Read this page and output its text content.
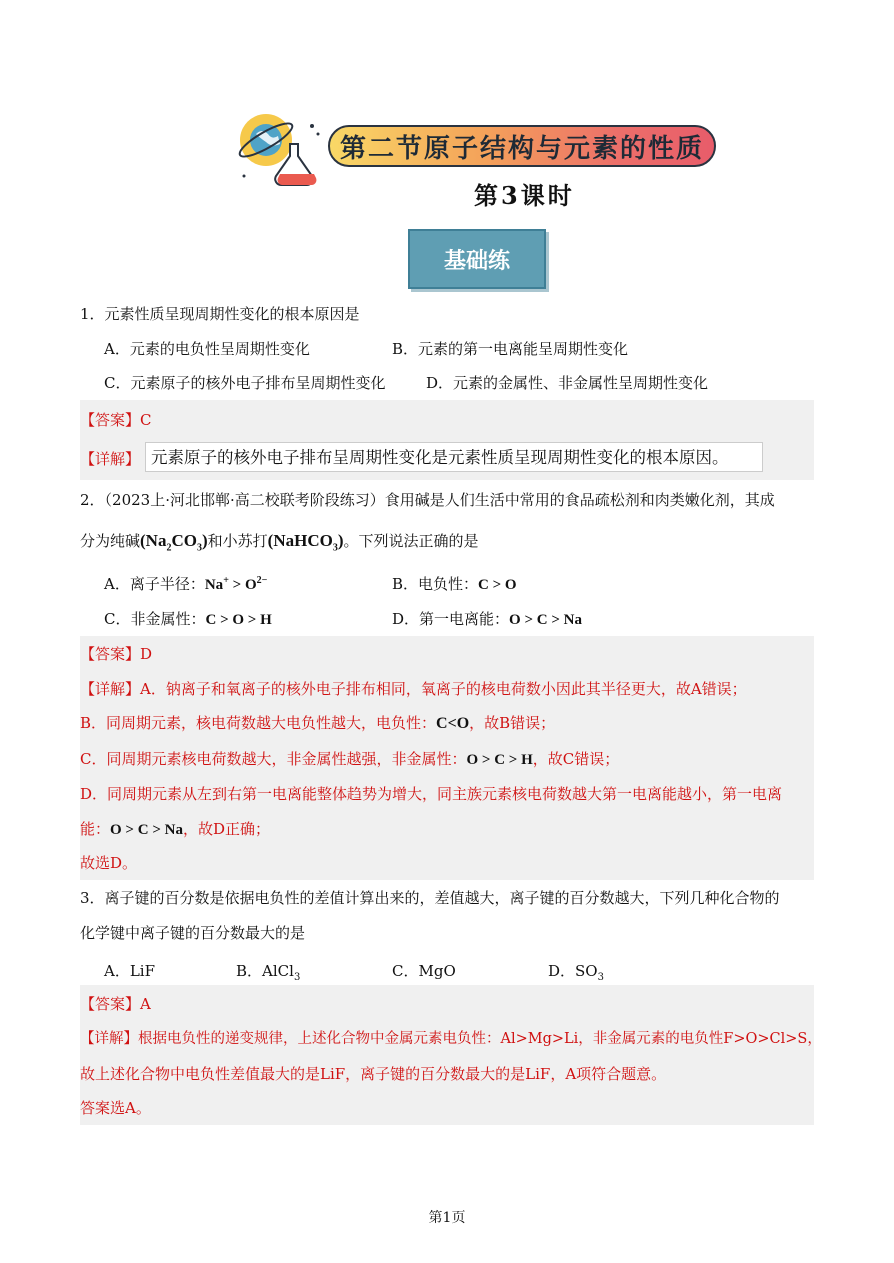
第二节原子结构与元素的性质
第3课时
基础练
1．元素性质呈现周期性变化的根本原因是
A．元素的电负性呈周期性变化	B．元素的第一电离能呈周期性变化
C．元素原子的核外电子排布呈周期性变化	D．元素的金属性、非金属性呈周期性变化
【答案】C
【详解】 元素原子的核外电子排布呈周期性变化是元素性质呈现周期性变化的根本原因。
2．（2023上·河北邯郸·高二校联考阶段练习）食用碱是人们生活中常用的食品疏松剂和肉类嫩化剂，其成
分为纯碱$(Na_2CO_3)$和小苏打(NaHCO$_3$)。下列说法正确的是
A．离子半径：$Na^+ > O^{2-}$	B．电负性：C > O
C．非金属性：C > O > H	D．第一电离能：O > C > Na
【答案】D
【详解】A．钠离子和氧离子的核外电子排布相同，氧离子的核电荷数小因此其半径更大，故A错误；
B．同周期元素，核电荷数越大电负性越大，电负性：C<O，故B错误；
C．同周期元素核电荷数越大，非金属性越强，非金属性：O > C > H，故C错误；
D．同周期元素从左到右第一电离能整体趋势为增大，同主族元素核电荷数越大第一电离能越小，第一电离
能：O > C > Na，故D正确；
故选D。
3．离子键的百分数是依据电负性的差值计算出来的，差值越大，离子键的百分数越大，下列几种化合物的
化学键中离子键的百分数最大的是
A．LiF	B．AlCl$_3$	C．MgO	D．$SO_3$
【答案】A
【详解】根据电负性的递变规律，上述化合物中金属元素电负性：Al>Mg>Li，非金属元素的电负性F>O>Cl>S，
故上述化合物中电负性差值最大的是LiF，离子键的百分数最大的是LiF，A项符合题意。
答案选A。
第1页
